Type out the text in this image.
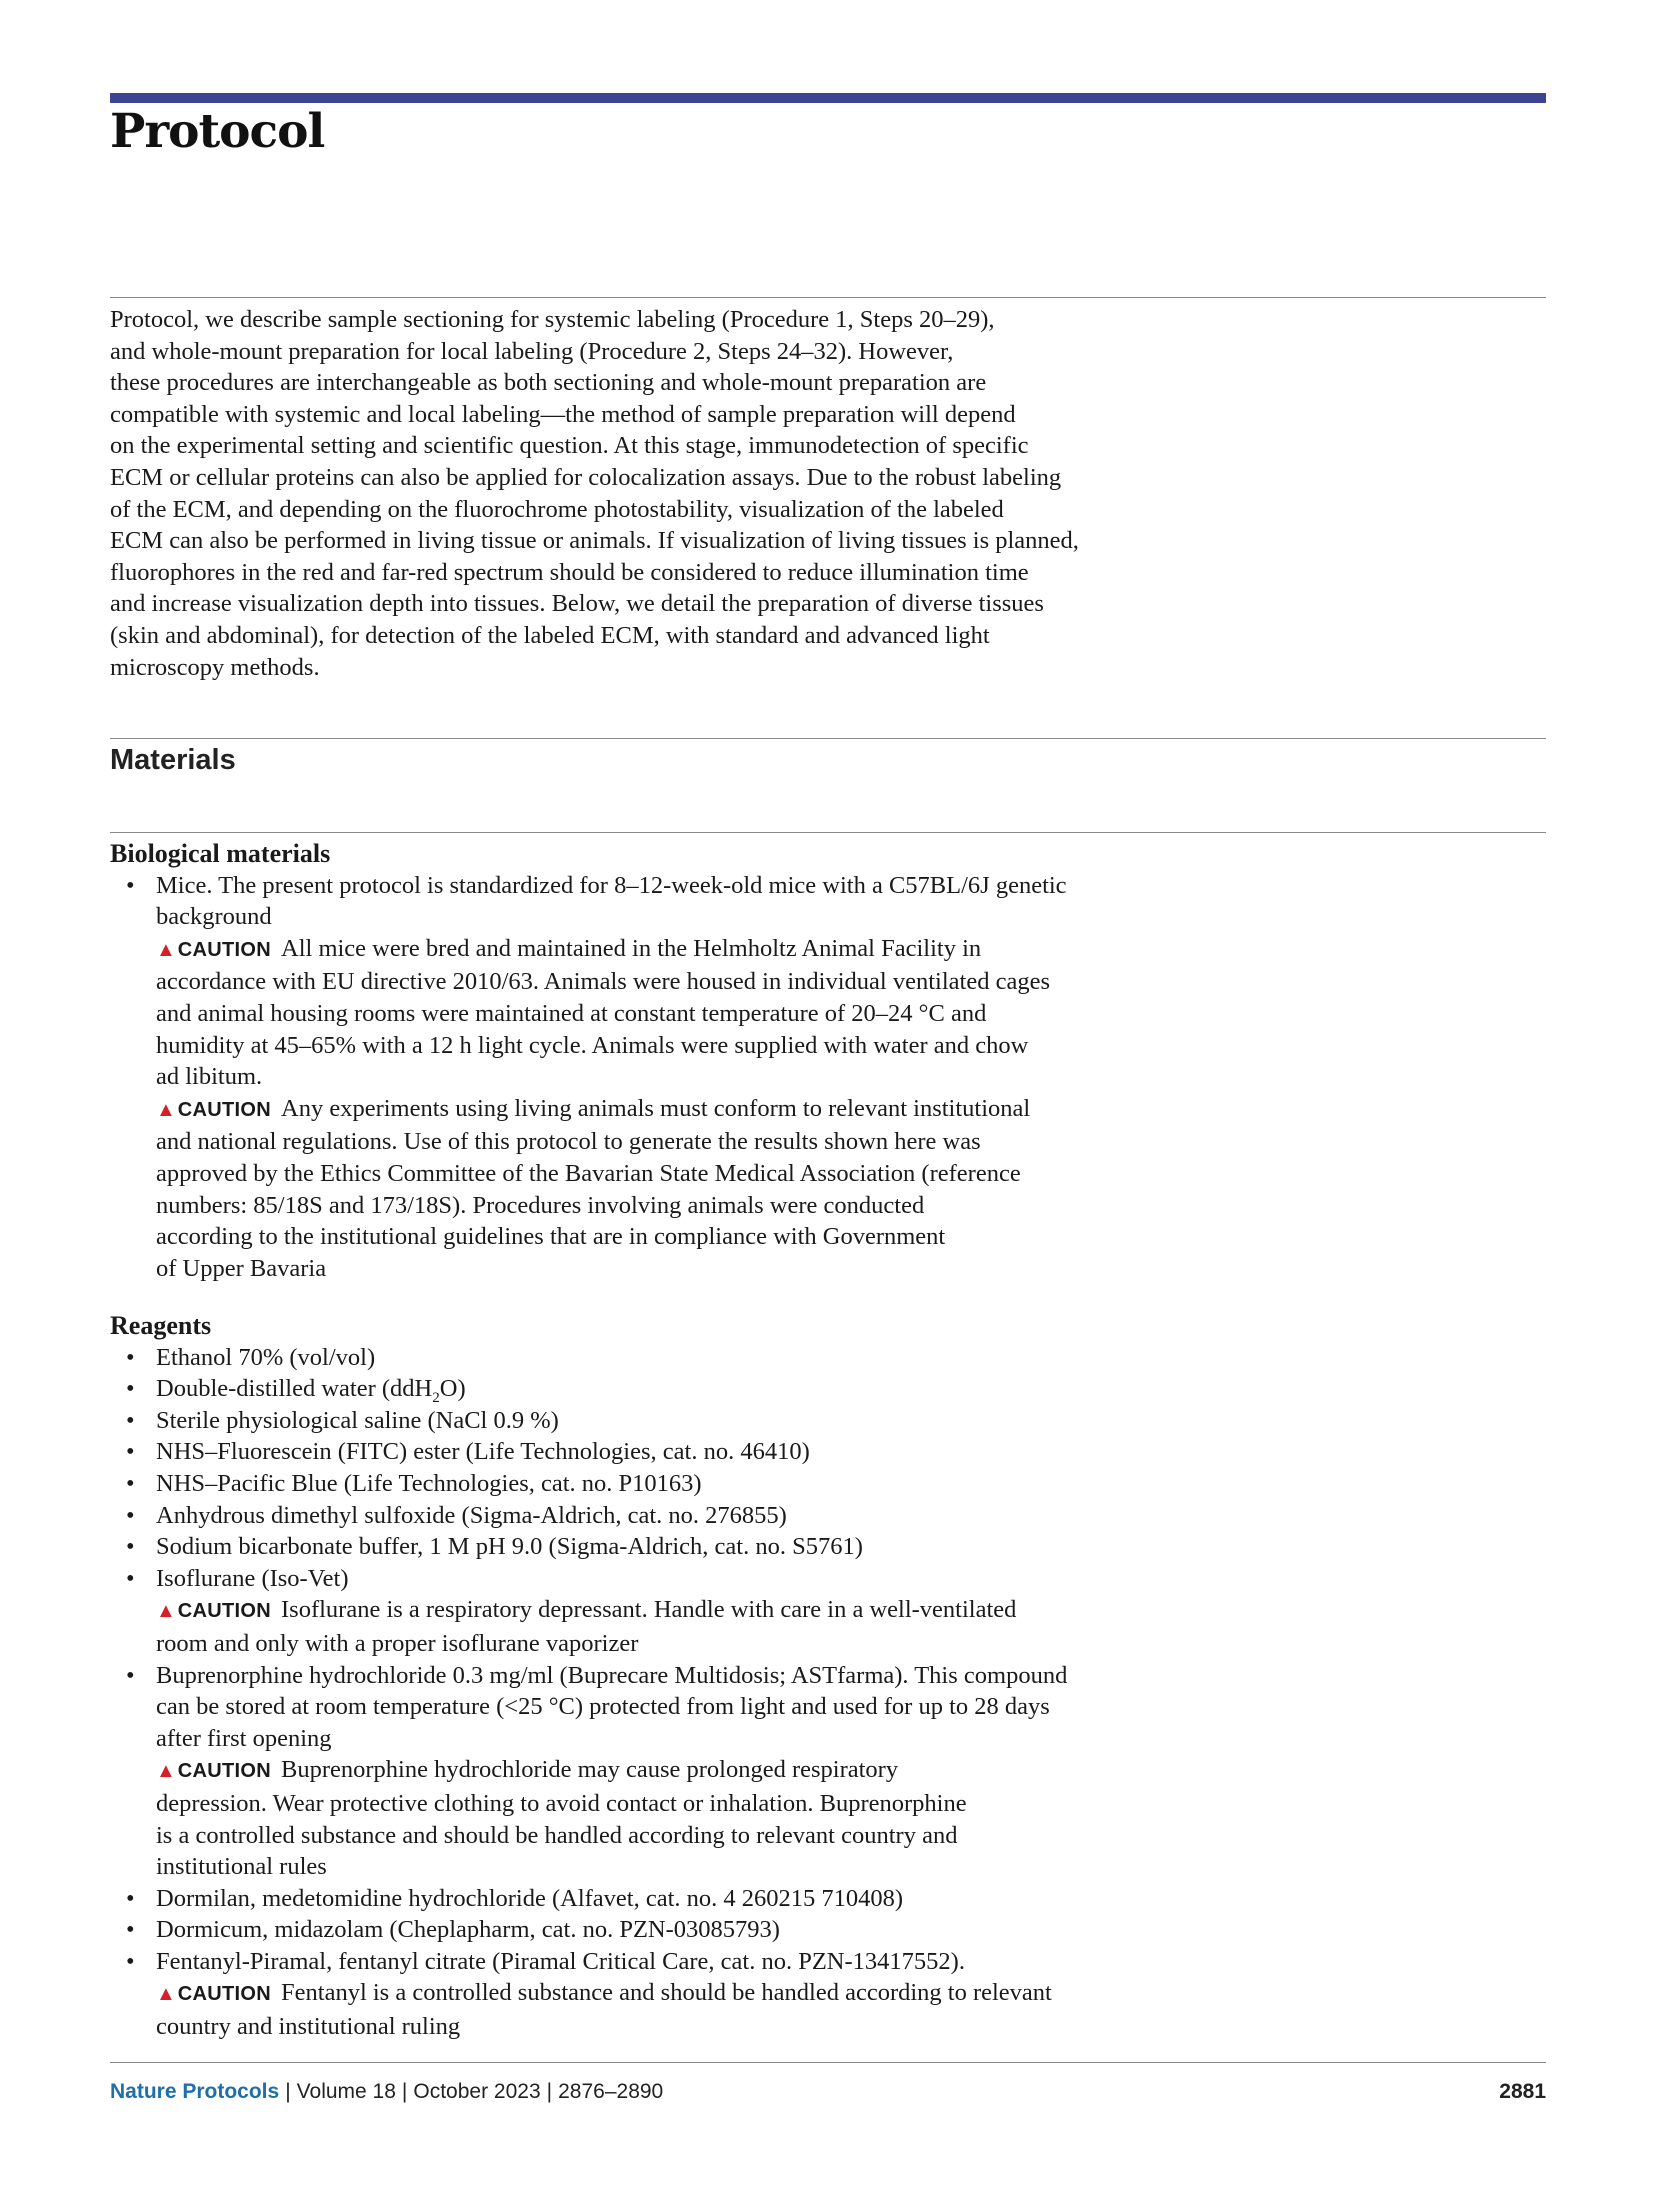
Protocol
Protocol, we describe sample sectioning for systemic labeling (Procedure 1, Steps 20–29),
and whole-mount preparation for local labeling (Procedure 2, Steps 24–32). However,
these procedures are interchangeable as both sectioning and whole-mount preparation are
compatible with systemic and local labeling—the method of sample preparation will depend
on the experimental setting and scientific question. At this stage, immunodetection of specific
ECM or cellular proteins can also be applied for colocalization assays. Due to the robust labeling
of the ECM, and depending on the fluorochrome photostability, visualization of the labeled
ECM can also be performed in living tissue or animals. If visualization of living tissues is planned,
fluorophores in the red and far-red spectrum should be considered to reduce illumination time
and increase visualization depth into tissues. Below, we detail the preparation of diverse tissues
(skin and abdominal), for detection of the labeled ECM, with standard and advanced light
microscopy methods.
Materials
Biological materials
• Mice. The present protocol is standardized for 8–12-week-old mice with a C57BL/6J genetic
background
▲ CAUTION All mice were bred and maintained in the Helmholtz Animal Facility in
accordance with EU directive 2010/63. Animals were housed in individual ventilated cages
and animal housing rooms were maintained at constant temperature of 20–24 °C and
humidity at 45–65% with a 12 h light cycle. Animals were supplied with water and chow
ad libitum.
▲ CAUTION Any experiments using living animals must conform to relevant institutional
and national regulations. Use of this protocol to generate the results shown here was
approved by the Ethics Committee of the Bavarian State Medical Association (reference
numbers: 85/18S and 173/18S). Procedures involving animals were conducted
according to the institutional guidelines that are in compliance with Government
of Upper Bavaria
Reagents
• Ethanol 70% (vol/vol)
• Double-distilled water (ddH$_2$O)
• Sterile physiological saline (NaCl 0.9 %)
• NHS–Fluorescein (FITC) ester (Life Technologies, cat. no. 46410)
• NHS–Pacific Blue (Life Technologies, cat. no. P10163)
• Anhydrous dimethyl sulfoxide (Sigma-Aldrich, cat. no. 276855)
• Sodium bicarbonate buffer, 1 M pH 9.0 (Sigma-Aldrich, cat. no. S5761)
• Isoflurane (Iso-Vet)
▲ CAUTION Isoflurane is a respiratory depressant. Handle with care in a well-ventilated
room and only with a proper isoflurane vaporizer
• Buprenorphine hydrochloride 0.3 mg/ml (Buprecare Multidosis; ASTfarma). This compound
can be stored at room temperature (<25 °C) protected from light and used for up to 28 days
after first opening
▲ CAUTION Buprenorphine hydrochloride may cause prolonged respiratory
depression. Wear protective clothing to avoid contact or inhalation. Buprenorphine
is a controlled substance and should be handled according to relevant country and
institutional rules
• Dormilan, medetomidine hydrochloride (Alfavet, cat. no. 4 260215 710408)
• Dormicum, midazolam (Cheplapharm, cat. no. PZN-03085793)
• Fentanyl-Piramal, fentanyl citrate (Piramal Critical Care, cat. no. PZN-13417552).
▲ CAUTION Fentanyl is a controlled substance and should be handled according to relevant
country and institutional ruling
Nature Protocols | Volume 18 | October 2023 | 2876–2890	2881
